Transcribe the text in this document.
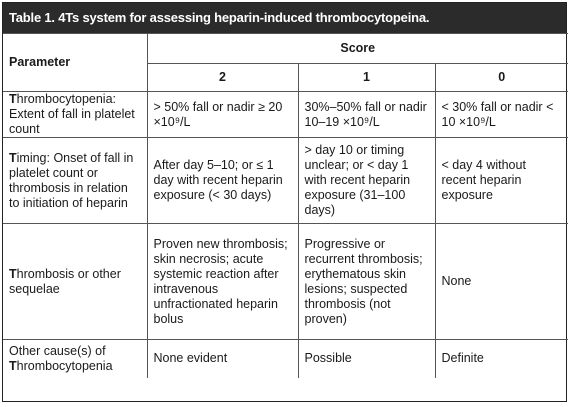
Table 1. 4Ts system for assessing heparin-induced thrombocytopeina.
Parameter	Score		
	2	1	0
Thrombocytopenia: Extent of fall in platelet count	> 50% fall or nadir ≥ 20 ×10⁹/L	30%–50% fall or nadir 10–19 ×10⁹/L	< 30% fall or nadir < 10 ×10⁹/L
Timing: Onset of fall in platelet count or thrombosis in relation to initiation of heparin	After day 5–10; or ≤ 1 day with recent heparin exposure (< 30 days)	> day 10 or timing unclear; or < day 1 with recent heparin exposure (31–100 days)	< day 4 without recent heparin exposure
Thrombosis or other sequelae	Proven new thrombosis; skin necrosis; acute systemic reaction after intravenous unfractionated heparin bolus	Progressive or recurrent thrombosis; erythematous skin lesions; suspected thrombosis (not proven)	None
Other cause(s) of Thrombocytopenia	None evident	Possible	Definite
